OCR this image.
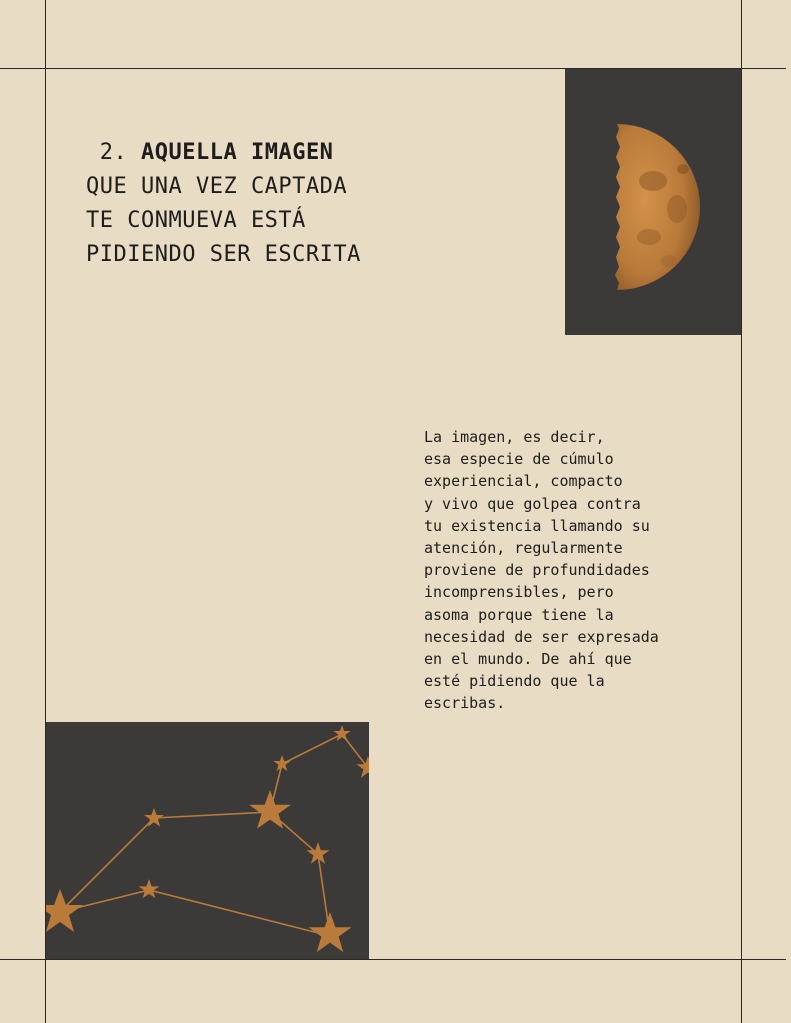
2. AQUELLA IMAGEN
QUE UNA VEZ CAPTADA
TE CONMUEVA ESTÁ
PIDIENDO SER ESCRITA

La imagen, es decir,
esa especie de cúmulo
experiencial, compacto
y vivo que golpea contra
tu existencia llamando su
atención, regularmente
proviene de profundidades
incomprensibles, pero
asoma porque tiene la
necesidad de ser expresada
en el mundo. De ahí que
esté pidiendo que la
escribas.
